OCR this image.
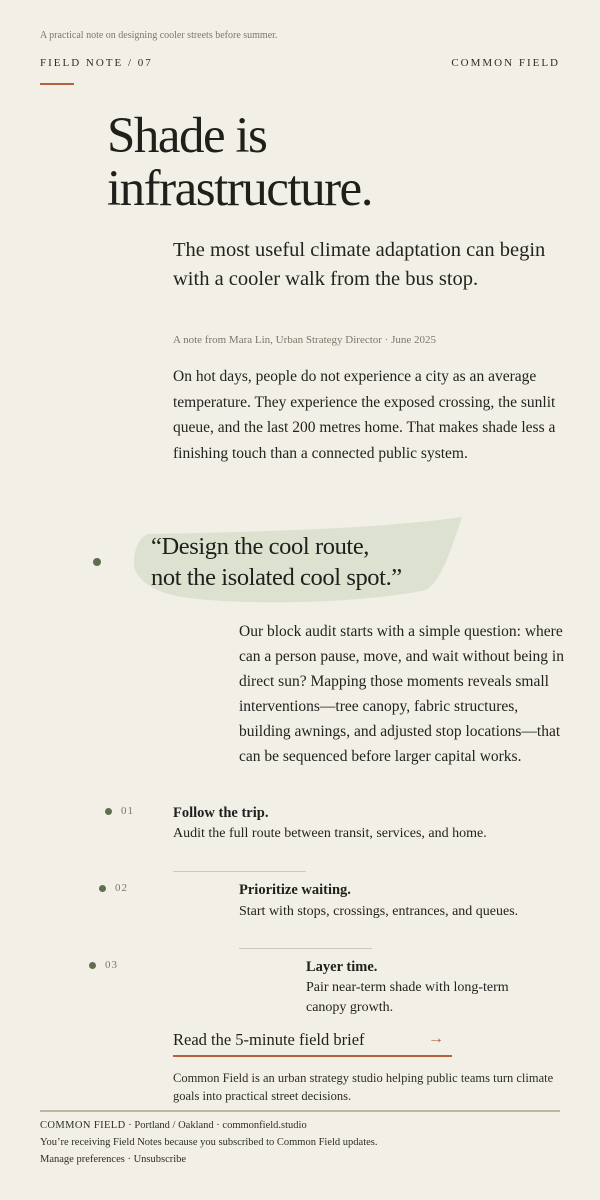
A practical note on designing cooler streets before summer.
FIELD NOTE / 07	COMMON FIELD
Shade is
infrastructure.
The most useful climate adaptation can begin with a cooler walk from the bus stop.
A note from Mara Lin, Urban Strategy Director · June 2025
On hot days, people do not experience a city as an average temperature. They experience the exposed crossing, the sunlit queue, and the last 200 metres home. That makes shade less a finishing touch than a connected public system.
“Design the cool route,
not the isolated cool spot.”
Our block audit starts with a simple question: where can a person pause, move, and wait without being in direct sun? Mapping those moments reveals small interventions—tree canopy, fabric structures, building awnings, and adjusted stop locations—that can be sequenced before larger capital works.
01	Follow the trip.
Audit the full route between transit, services, and home.
02	Prioritize waiting.
Start with stops, crossings, entrances, and queues.
03	Layer time.
Pair near-term shade with long-term canopy growth.
Read the 5-minute field brief	→
Common Field is an urban strategy studio helping public teams turn climate goals into practical street decisions.
COMMON FIELD · Portland / Oakland · commonfield.studio
You’re receiving Field Notes because you subscribed to Common Field updates.
Manage preferences · Unsubscribe
